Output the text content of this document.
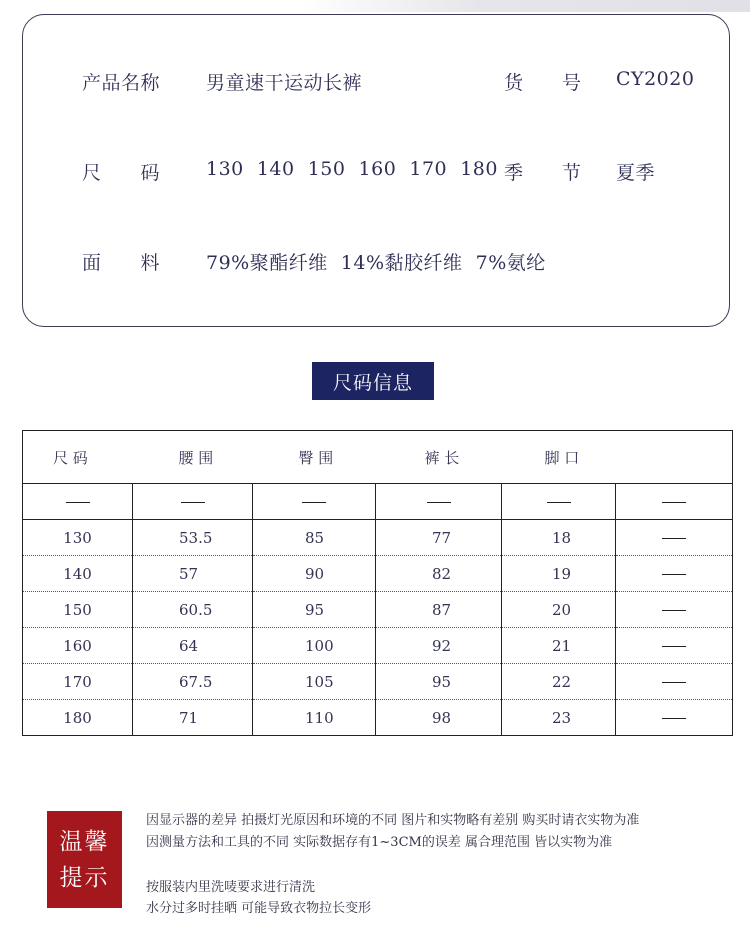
产品名称 男童速干运动长裤	货　号 CY2020
尺　　码 130  140  150  160  170  180 季　节 夏季
面　　料 79%聚酯纤维  14%黏胶纤维  7%氨纶
尺码信息
尺 码	腰 围	臀 围	裤 长	脚 口	

130	53.5	85	77	18	
140	57	90	82	19	
150	60.5	95	87	20	
160	64	100	92	21	
170	67.5	105	95	22	
180	71	110	98	23	
温馨
提示
因显示器的差异 拍摄灯光原因和环境的不同 图片和实物略有差别 购买时请衣实物为准
因测量方法和工具的不同 实际数据存有1~3CM的误差 属合理范围 皆以实物为准
按服装内里洗唛要求进行清洗
水分过多时挂晒 可能导致衣物拉长变形
